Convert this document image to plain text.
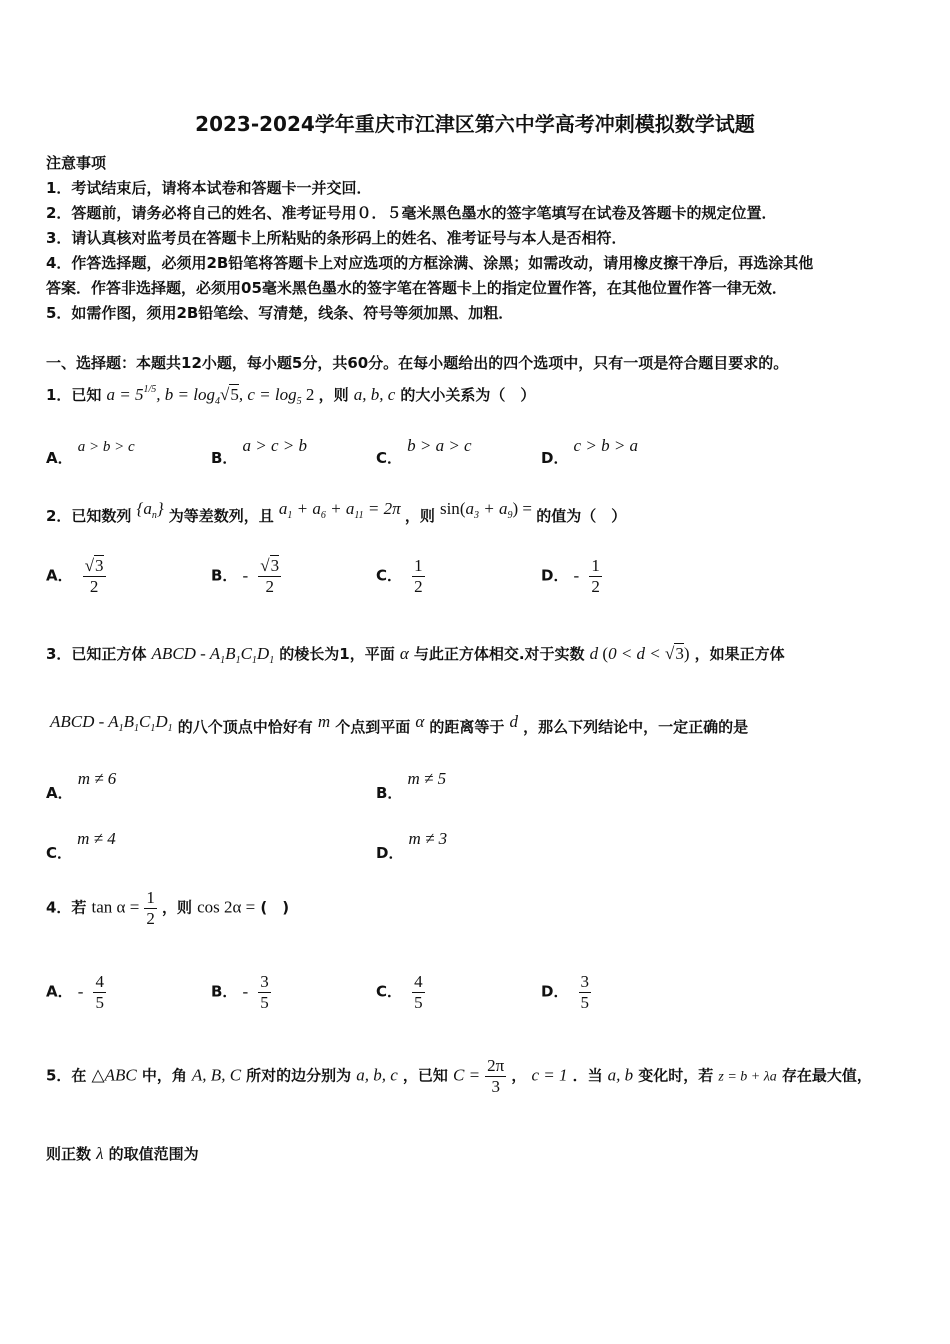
2023-2024学年重庆市江津区第六中学高考冲刺模拟数学试题
注意事项
1．考试结束后，请将本试卷和答题卡一并交回．
2．答题前，请务必将自己的姓名、准考证号用０．５毫米黑色墨水的签字笔填写在试卷及答题卡的规定位置．
3．请认真核对监考员在答题卡上所粘贴的条形码上的姓名、准考证号与本人是否相符．
4．作答选择题，必须用2B铅笔将答题卡上对应选项的方框涂满、涂黑；如需改动，请用橡皮擦干净后，再选涂其他
答案．作答非选择题，必须用05毫米黑色墨水的签字笔在答题卡上的指定位置作答，在其他位置作答一律无效．
5．如需作图，须用2B铅笔绘、写清楚，线条、符号等须加黑、加粗．
一、选择题：本题共12小题，每小题5分，共60分。在每小题给出的四个选项中，只有一项是符合题目要求的。
1．已知 $a = 5^{1/5}$, $b = \log_4√5$, $c = \log_5 2$ ，则 a, b, c 的大小关系为（　）
A． a > b > c
B． a > c > b
C． b > a > c
D． c > b > a
2．已知数列 $\{a_n\}$ 为等差数列，且 $a_1 + a_6 + a_{11} = 2\pi$ ，则 $\sin(a_3 + a_9)$ = 的值为（　）
A． $\frac{√3}{2}$	B． - $\frac{√3}{2}$	C． $\frac{1}{2}$	D． - $\frac{1}{2}$
3．已知正方体 ABCD - $A_1B_1C_1D_1$ 的棱长为1，平面 α 与此正方体相交.对于实数 d (0 < d < √3) ，如果正方体
ABCD - $A_1B_1C_1D_1$ 的八个顶点中恰好有 m 个点到平面 α 的距离等于 d ，那么下列结论中，一定正确的是
A． m ≠ 6
B． m ≠ 5
C． m ≠ 4
D． m ≠ 3
4．若 $\tan \alpha = \frac{1}{2}$ ，则 cos 2α = (　)
A． - $\frac{4}{5}$	B． - $\frac{3}{5}$	C． $\frac{4}{5}$	D． $\frac{3}{5}$
5．在 △ABC 中，角 A, B, C 所对的边分别为 a, b, c ，已知 $C = \frac{2\pi}{3}$ ， c = 1 ．当 a, b 变化时，若 z = b + λa 存在最大值，
则正数 λ 的取值范围为
